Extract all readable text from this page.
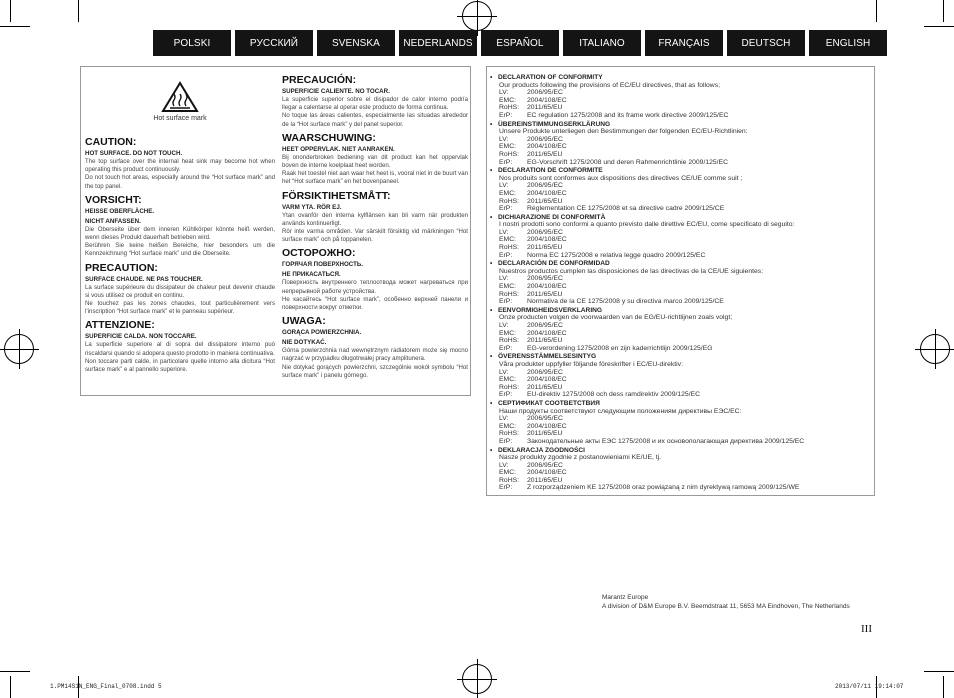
POLSKI	РУССКИЙ	SVENSKA	NEDERLANDS	ESPAÑOL	ITALIANO	FRANÇAIS	DEUTSCH	ENGLISH
Hot surface mark
CAUTION:
HOT SURFACE. DO NOT TOUCH.
The top surface over the internal heat sink may become hot when operating this product continuously.
Do not touch hot areas, especially around the “Hot surface mark” and the top panel.
VORSICHT:
HEISSE OBERFLÄCHE.
NICHT ANFASSEN.
Die Oberseite über dem inneren Kühlkörper könnte heiß werden, wenn dieses Produkt dauerhaft betrieben wird.
Berühren Sie keine heißen Bereiche, hier besonders um die Kennzeichnung “Hot surface mark” und die Oberseite.
PRECAUTION:
SURFACE CHAUDE. NE PAS TOUCHER.
La surface supérieure du dissipateur de chaleur peut devenir chaude si vous utilisez ce produit en continu.
Ne touchez pas les zones chaudes, tout particulièrement vers l’inscription “Hot surface mark” et le panneau supérieur.
ATTENZIONE:
SUPERFICIE CALDA. NON TOCCARE.
La superficie superiore al di sopra del dissipatore interno può riscaldarsi quando si adopera questo prodotto in maniera continuativa.
Non toccare parti calde, in particolare quelle intorno alla dicitura “Hot surface mark” e al pannello superiore.
PRECAUCIÓN:
SUPERFICIE CALIENTE. NO TOCAR.
La superficie superior sobre el disipador de calor interno podría llegar a calentarse al operar este producto de forma continua.
No toque las áreas calientes, especialmente las situadas alrededor de la “Hot surface mark” y del panel superior.
WAARSCHUWING:
HEET OPPERVLAK. NIET AANRAKEN.
Bij ononderbroken bediening van dit product kan het oppervlak boven de interne koelplaat heet worden.
Raak het toestel niet aan waar het heet is, vooral niet in de buurt van het “Hot surface mark” en het bovenpaneel.
FÖRSIKTIHETSMÅTT:
VARM YTA. RÖR EJ.
Ytan ovanför den interna kylflänsen kan bli varm när produkten används kontinuerligt.
Rör inte varma områden. Var särskilt försiktig vid märkningen “Hot surface mark” och på toppanelen.
ОСТОРОЖНО:
ГОРЯЧАЯ ПОВЕРХНОСТЬ.
НЕ ПРИКАСАТЬСЯ.
Поверхность внутреннего теплоотвода может нагреваться при непрерывной работе устройства.
Не касайтесь “Hot surface mark”, особенно верхней панели и поверхности вокруг отметки.
UWAGA:
GORĄCA POWIERZCHNIA.
NIE DOTYKAĆ.
Górna powierzchnia nad wewnętrznym radiatorem może się mocno nagrzać w przypadku długotrwałej pracy amplitunera.
Nie dotykać gorących powierzchni, szczególnie wokół symbolu “Hot surface mark” i panelu górnego.
• DECLARATION OF CONFORMITY
Our products following the provisions of EC/EU directives, that as follows;
LV:	2006/95/EC
EMC:	2004/108/EC
RoHS:	2011/65/EU
ErP:	EC regulation 1275/2008 and its frame work directive 2009/125/EC
• ÜBEREINSTIMMUNGSERKLÄRUNG
Unsere Produkte unterliegen den Bestimmungen der folgenden EC/EU-Richtlinien:
LV:	2006/95/EC
EMC:	2004/108/EC
RoHS:	2011/65/EU
ErP:	EG-Vorschrift 1275/2008 und deren Rahmenrichtlinie 2009/125/EC
• DECLARATION DE CONFORMITE
Nos produits sont conformes aux dispositions des directives CE/UE comme suit ;
LV:	2006/95/EC
EMC:	2004/108/EC
RoHS:	2011/65/EU
ErP:	Réglementation CE 1275/2008 et sa directive cadre 2009/125/CE
• DICHIARAZIONE DI CONFORMITÀ
I nostri prodotti sono conformi a quanto previsto dalle direttive EC/EU, come specificato di seguito:
LV:	2006/95/EC
EMC:	2004/108/EC
RoHS:	2011/65/EU
ErP:	Norma EC 1275/2008 e relativa legge quadro 2009/125/EC
• DECLARACIÓN DE CONFORMIDAD
Nuestros productos cumplen las disposiciones de las directivas de la CE/UE siguientes:
LV:	2006/95/EC
EMC:	2004/108/EC
RoHS:	2011/65/EU
ErP:	Normativa de la CE 1275/2008 y su directiva marco 2009/125/CE
• EENVORMIGHEIDSVERKLARING
Onze producten volgen de voorwaarden van de EG/EU-richtlijnen zoals volgt;
LV:	2006/95/EC
EMC:	2004/108/EC
RoHS:	2011/65/EU
ErP:	EG-verordening 1275/2008 en zijn kaderrichtlijn 2009/125/EG
• ÖVERENSSTÄMMELSESINTYG
Våra produkter uppfyller följande föreskrifter i EC/EU-direktiv:
LV:	2006/95/EC
EMC:	2004/108/EC
RoHS:	2011/65/EU
ErP:	EU-direktiv 1275/2008 och dess ramdirektiv 2009/125/EC
• СЕРТИФИКАТ СООТВЕТСТВИЯ
Наши продукты соответствуют следующим положениям директивы ЕЭС/ЕС:
LV:	2006/95/EC
EMC:	2004/108/EC
RoHS:	2011/65/EU
ErP:	Законодательные акты ЕЭС 1275/2008 и их основополагающая директива 2009/125/EC
• DEKLARACJA ZGODNOŚCI
Nasze produkty zgodnie z postanowieniami KE/UE, tj.
LV:	2006/95/EC
EMC:	2004/108/EC
RoHS:	2011/65/EU
ErP:	Z rozporządzeniem KE 1275/2008 oraz powiązaną z nim dyrektywą ramową 2009/125/WE
Marantz Europe
A division of D&M Europe B.V. Beemdstraat 11, 5653 MA Eindhoven, The Netherlands
III
1.PM14S1N_ENG_Final_0708.indd 5	2013/07/11 19:14:07
